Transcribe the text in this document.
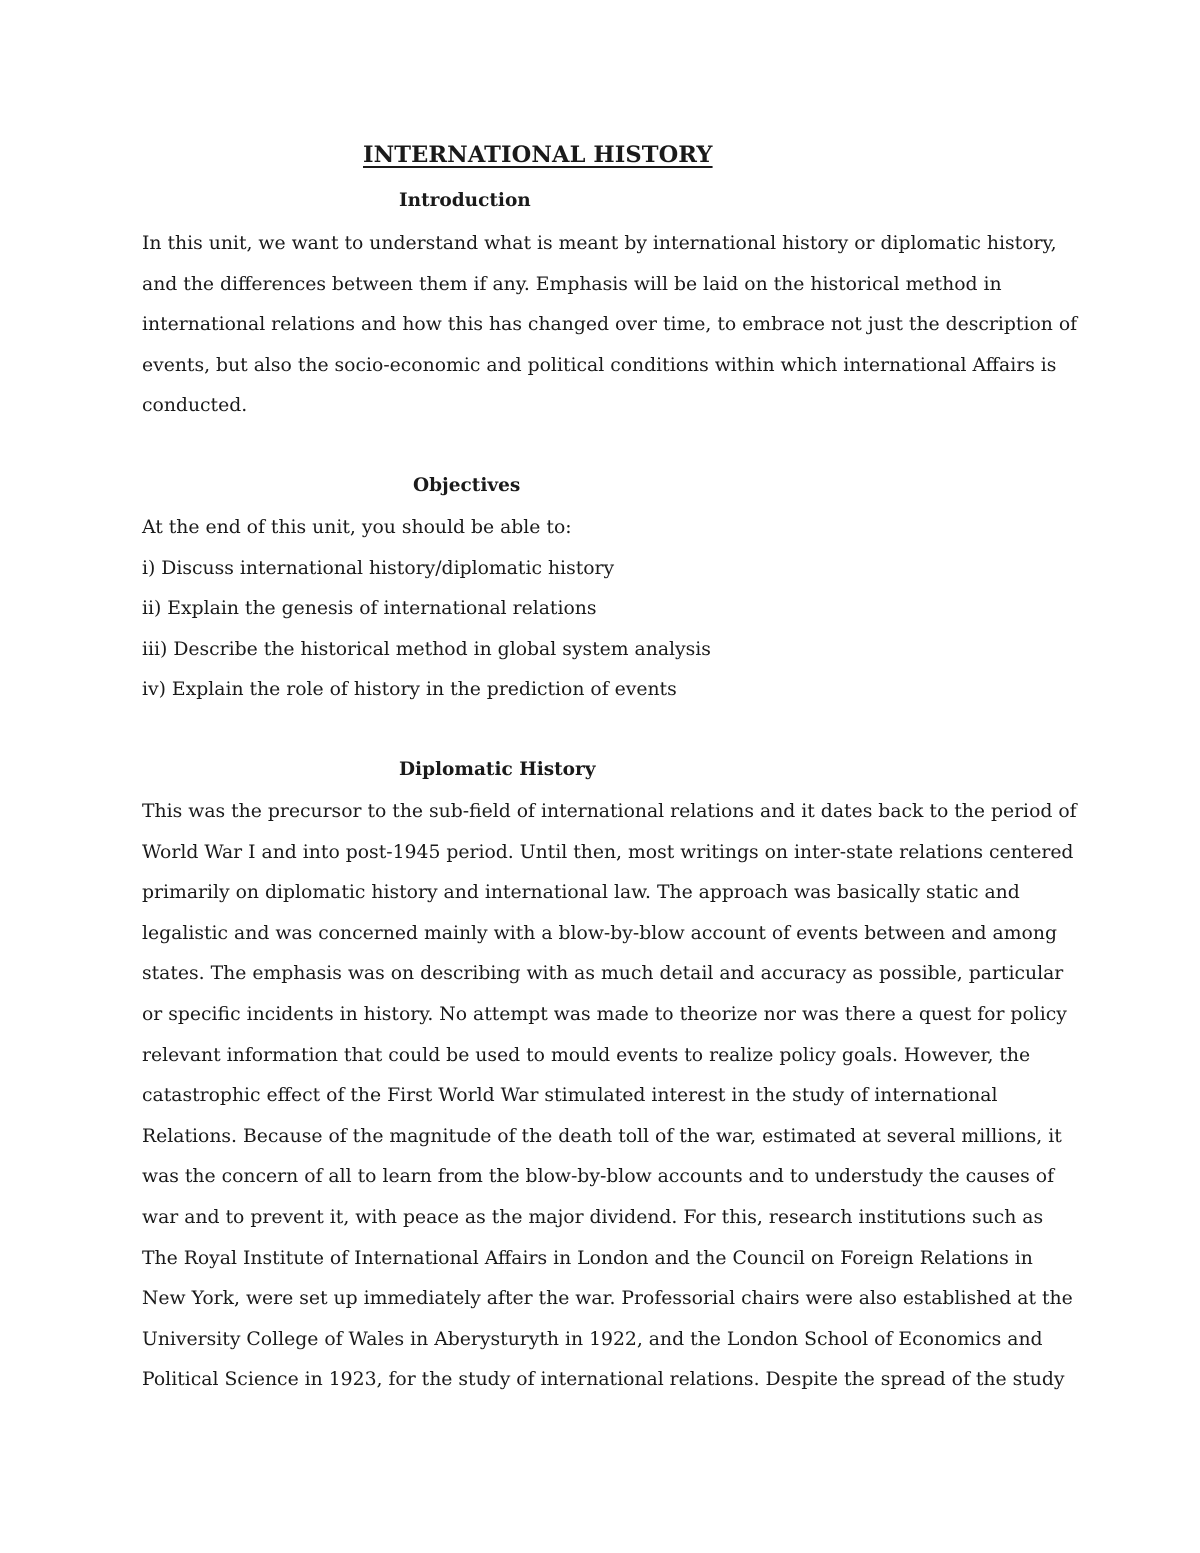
INTERNATIONAL HISTORY
Introduction

In this unit, we want to understand what is meant by international history or diplomatic history,
and the differences between them if any. Emphasis will be laid on the historical method in
international relations and how this has changed over time, to embrace not just the description of
events, but also the socio-economic and political conditions within which international Affairs is
conducted.

Objectives

At the end of this unit, you should be able to:
i) Discuss international history/diplomatic history
ii) Explain the genesis of international relations
iii) Describe the historical method in global system analysis
iv) Explain the role of history in the prediction of events

Diplomatic History

This was the precursor to the sub-field of international relations and it dates back to the period of
World War I and into post-1945 period. Until then, most writings on inter-state relations centered
primarily on diplomatic history and international law. The approach was basically static and
legalistic and was concerned mainly with a blow-by-blow account of events between and among
states. The emphasis was on describing with as much detail and accuracy as possible, particular
or specific incidents in history. No attempt was made to theorize nor was there a quest for policy
relevant information that could be used to mould events to realize policy goals. However, the
catastrophic effect of the First World War stimulated interest in the study of international
Relations. Because of the magnitude of the death toll of the war, estimated at several millions, it
was the concern of all to learn from the blow-by-blow accounts and to understudy the causes of
war and to prevent it, with peace as the major dividend. For this, research institutions such as
The Royal Institute of International Affairs in London and the Council on Foreign Relations in
New York, were set up immediately after the war. Professorial chairs were also established at the
University College of Wales in Aberysturyth in 1922, and the London School of Economics and
Political Science in 1923, for the study of international relations. Despite the spread of the study
